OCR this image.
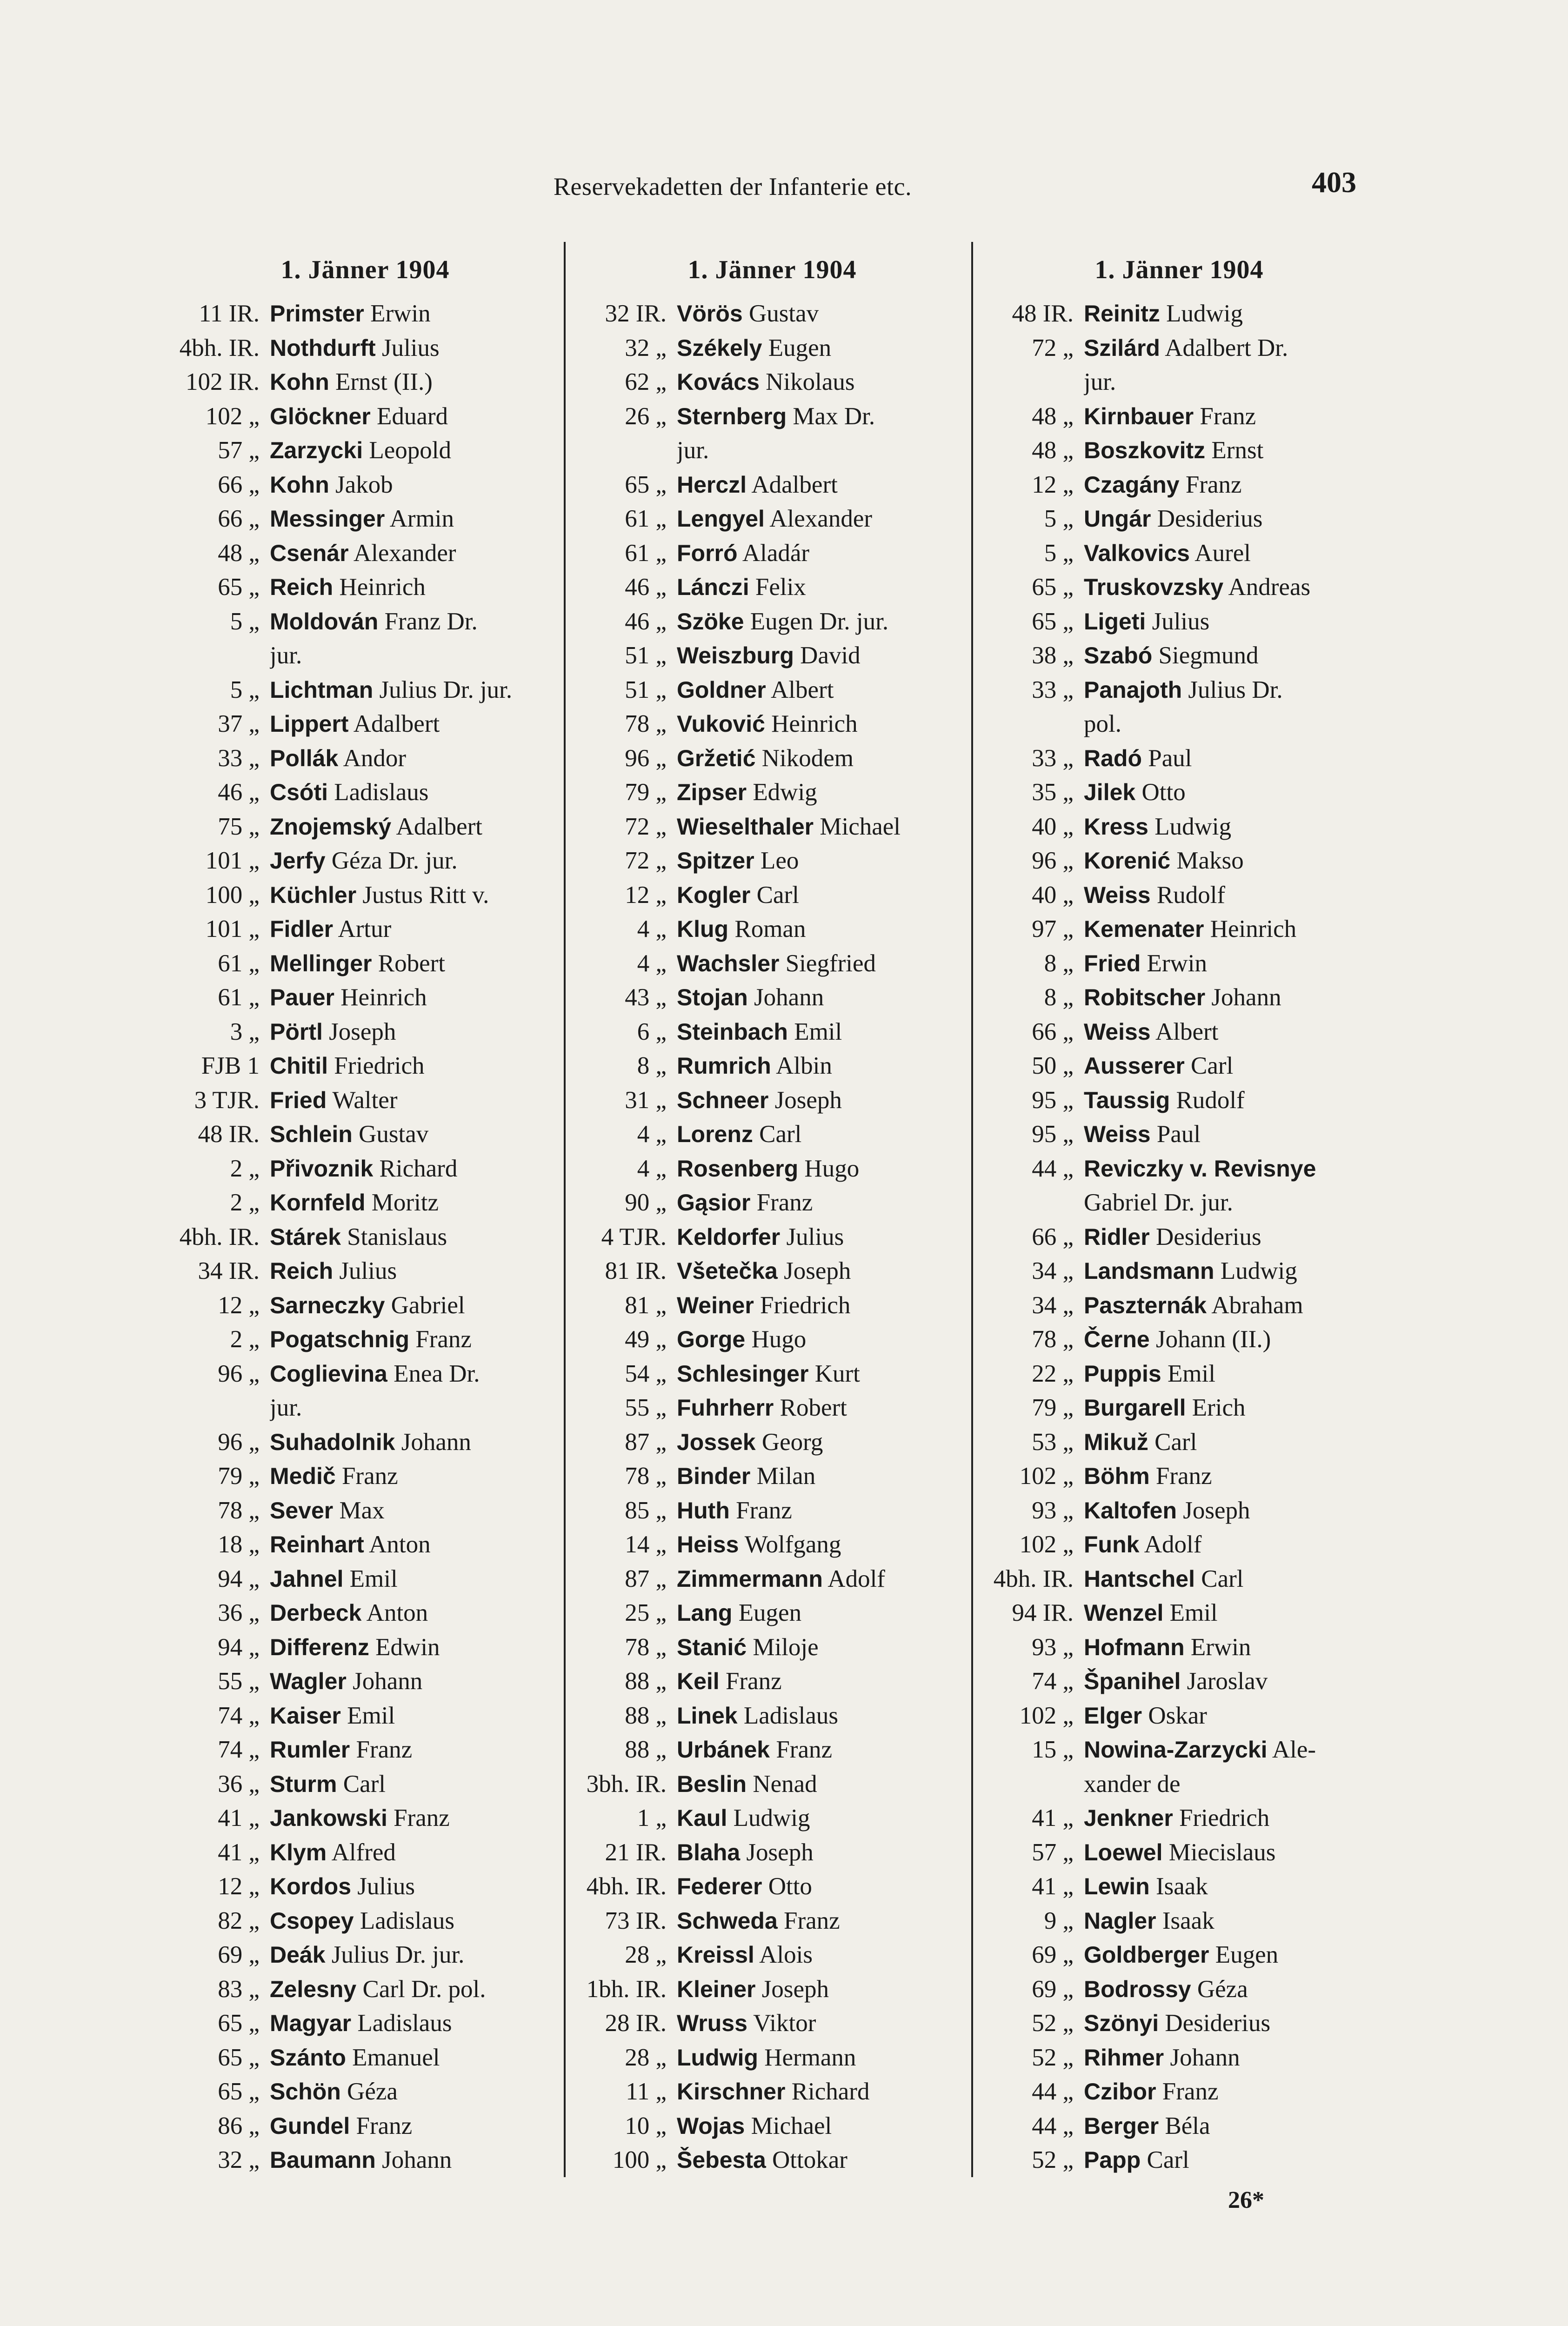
Reservekadetten der Infanterie etc.	403
1. Jänner 1904
11 IR. Primster Erwin
4bh. IR. Nothdurft Julius
102 IR. Kohn Ernst (II.)
102 „ Glöckner Eduard
57 „ Zarzycki Leopold
66 „ Kohn Jakob
66 „ Messinger Armin
48 „ Csenár Alexander
65 „ Reich Heinrich
5 „ Moldován Franz Dr.
jur.
5 „ Lichtman Julius Dr. jur.
37 „ Lippert Adalbert
33 „ Pollák Andor
46 „ Csóti Ladislaus
75 „ Znojemský Adalbert
101 „ Jerfy Géza Dr. jur.
100 „ Küchler Justus Ritt v.
101 „ Fidler Artur
61 „ Mellinger Robert
61 „ Pauer Heinrich
3 „ Pörtl Joseph
FJB 1 Chitil Friedrich
3 TJR. Fried Walter
48 IR. Schlein Gustav
2 „ Přivoznik Richard
2 „ Kornfeld Moritz
4bh. IR. Stárek Stanislaus
34 IR. Reich Julius
12 „ Sarneczky Gabriel
2 „ Pogatschnig Franz
96 „ Coglievina Enea Dr.
jur.
96 „ Suhadolnik Johann
79 „ Medič Franz
78 „ Sever Max
18 „ Reinhart Anton
94 „ Jahnel Emil
36 „ Derbeck Anton
94 „ Differenz Edwin
55 „ Wagler Johann
74 „ Kaiser Emil
74 „ Rumler Franz
36 „ Sturm Carl
41 „ Jankowski Franz
41 „ Klym Alfred
12 „ Kordos Julius
82 „ Csopey Ladislaus
69 „ Deák Julius Dr. jur.
83 „ Zelesny Carl Dr. pol.
65 „ Magyar Ladislaus
65 „ Szánto Emanuel
65 „ Schön Géza
86 „ Gundel Franz
32 „ Baumann Johann
1. Jänner 1904
32 IR. Vörös Gustav
32 „ Székely Eugen
62 „ Kovács Nikolaus
26 „ Sternberg Max Dr.
jur.
65 „ Herczl Adalbert
61 „ Lengyel Alexander
61 „ Forró Aladár
46 „ Lánczi Felix
46 „ Szöke Eugen Dr. jur.
51 „ Weiszburg David
51 „ Goldner Albert
78 „ Vuković Heinrich
96 „ Gržetić Nikodem
79 „ Zipser Edwig
72 „ Wieselthaler Michael
72 „ Spitzer Leo
12 „ Kogler Carl
4 „ Klug Roman
4 „ Wachsler Siegfried
43 „ Stojan Johann
6 „ Steinbach Emil
8 „ Rumrich Albin
31 „ Schneer Joseph
4 „ Lorenz Carl
4 „ Rosenberg Hugo
90 „ Gąsior Franz
4 TJR. Keldorfer Julius
81 IR. Všetečka Joseph
81 „ Weiner Friedrich
49 „ Gorge Hugo
54 „ Schlesinger Kurt
55 „ Fuhrherr Robert
87 „ Jossek Georg
78 „ Binder Milan
85 „ Huth Franz
14 „ Heiss Wolfgang
87 „ Zimmermann Adolf
25 „ Lang Eugen
78 „ Stanić Miloje
88 „ Keil Franz
88 „ Linek Ladislaus
88 „ Urbánek Franz
3bh. IR. Beslin Nenad
1 „ Kaul Ludwig
21 IR. Blaha Joseph
4bh. IR. Federer Otto
73 IR. Schweda Franz
28 „ Kreissl Alois
1bh. IR. Kleiner Joseph
28 IR. Wruss Viktor
28 „ Ludwig Hermann
11 „ Kirschner Richard
10 „ Wojas Michael
100 „ Šebesta Ottokar
1. Jänner 1904
48 IR. Reinitz Ludwig
72 „ Szilárd Adalbert Dr.
jur.
48 „ Kirnbauer Franz
48 „ Boszkovitz Ernst
12 „ Czagány Franz
5 „ Ungár Desiderius
5 „ Valkovics Aurel
65 „ Truskovzsky Andreas
65 „ Ligeti Julius
38 „ Szabó Siegmund
33 „ Panajoth Julius Dr.
pol.
33 „ Radó Paul
35 „ Jilek Otto
40 „ Kress Ludwig
96 „ Korenić Makso
40 „ Weiss Rudolf
97 „ Kemenater Heinrich
8 „ Fried Erwin
8 „ Robitscher Johann
66 „ Weiss Albert
50 „ Ausserer Carl
95 „ Taussig Rudolf
95 „ Weiss Paul
44 „ Reviczky v. Revisnye
Gabriel Dr. jur.
66 „ Ridler Desiderius
34 „ Landsmann Ludwig
34 „ Paszternák Abraham
78 „ Černe Johann (II.)
22 „ Puppis Emil
79 „ Burgarell Erich
53 „ Mikuž Carl
102 „ Böhm Franz
93 „ Kaltofen Joseph
102 „ Funk Adolf
4bh. IR. Hantschel Carl
94 IR. Wenzel Emil
93 „ Hofmann Erwin
74 „ Španihel Jaroslav
102 „ Elger Oskar
15 „ Nowina-Zarzycki Ale-
xander de
41 „ Jenkner Friedrich
57 „ Loewel Miecislaus
41 „ Lewin Isaak
9 „ Nagler Isaak
69 „ Goldberger Eugen
69 „ Bodrossy Géza
52 „ Szönyi Desiderius
52 „ Rihmer Johann
44 „ Czibor Franz
44 „ Berger Béla
52 „ Papp Carl
26*
